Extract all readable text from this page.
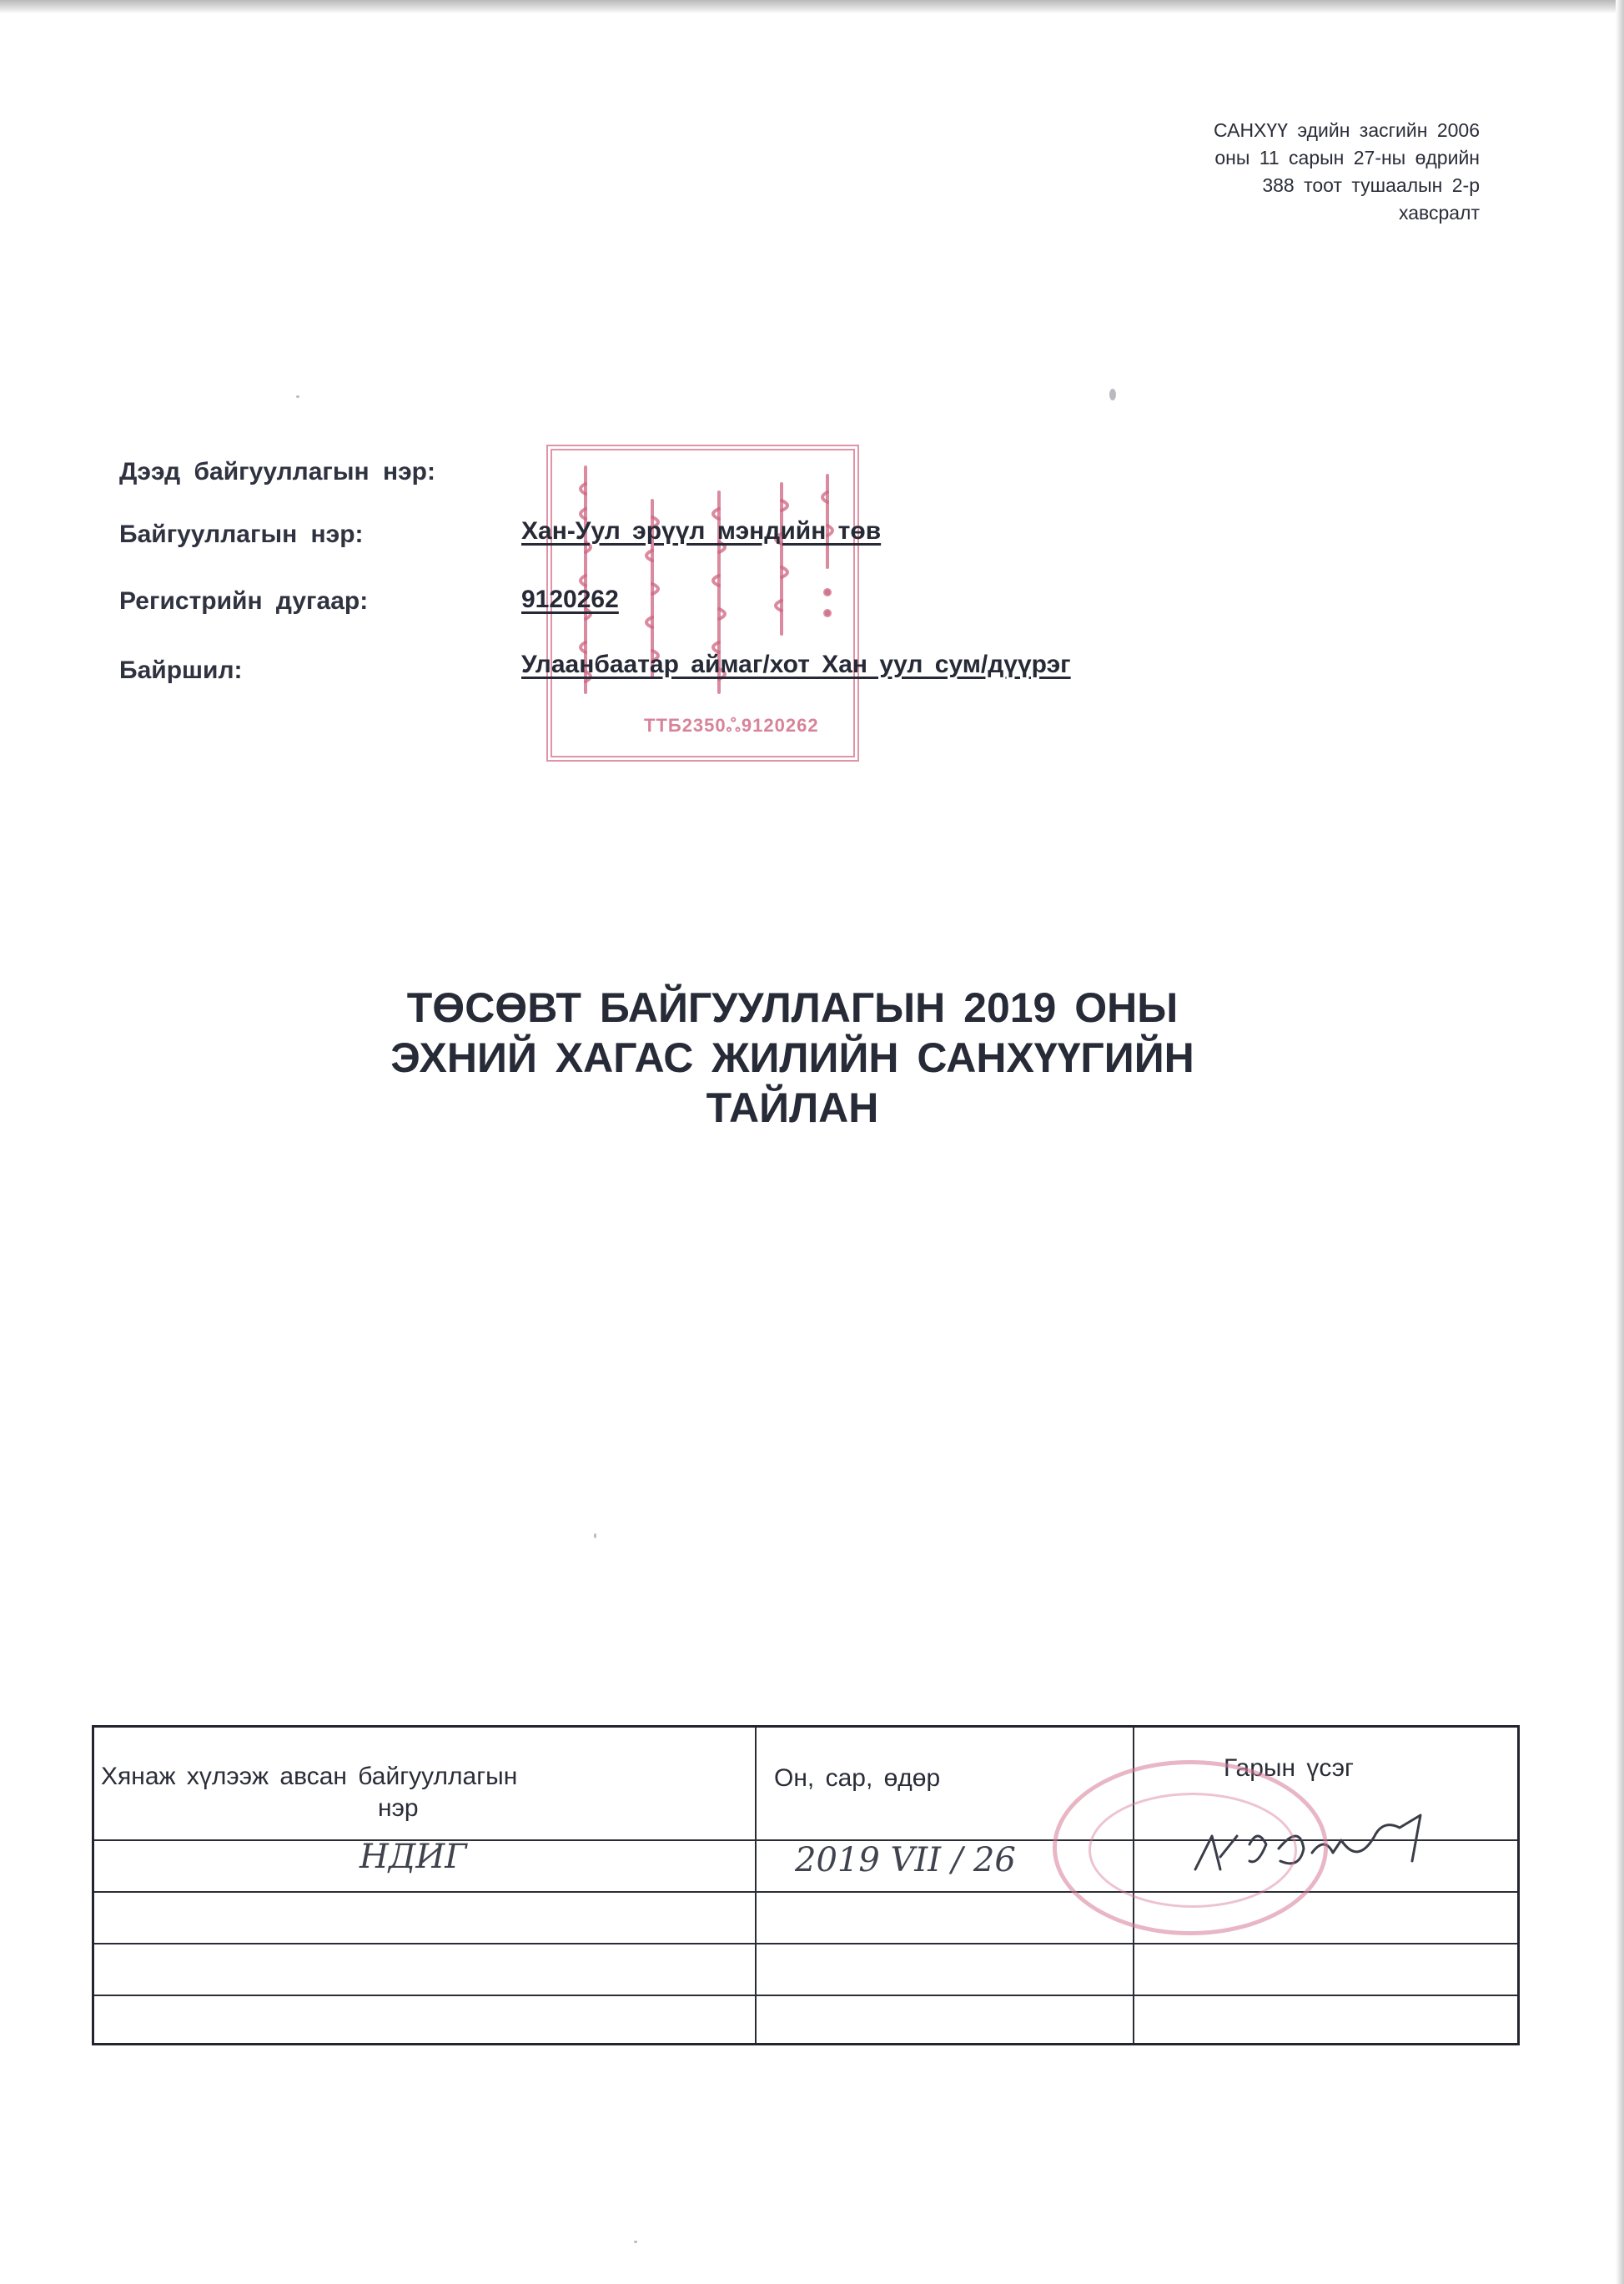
САНХҮҮ эдийн засгийн 2006
оны 11 сарын 27-ны өдрийн
388 тоот тушаалын 2-р
хавсралт
ТТБ2350ஃ9120262
Дээд байгууллагын нэр:
Байгууллагын нэр:	Хан-Уул эрүүл мэндийн төв
Регистрийн дугаар:	9120262
Байршил:	Улаанбаатар аймаг/хот Хан уул сум/дүүрэг
ТӨСӨВТ БАЙГУУЛЛАГЫН 2019 ОНЫ
ЭХНИЙ ХАГАС ЖИЛИЙН САНХҮҮГИЙН
ТАЙЛАН
Хянаж хүлээж авсан байгууллагын
нэр
Он, сар, өдөр	Гарын үсэг
НДИГ	2019 VII / 26
